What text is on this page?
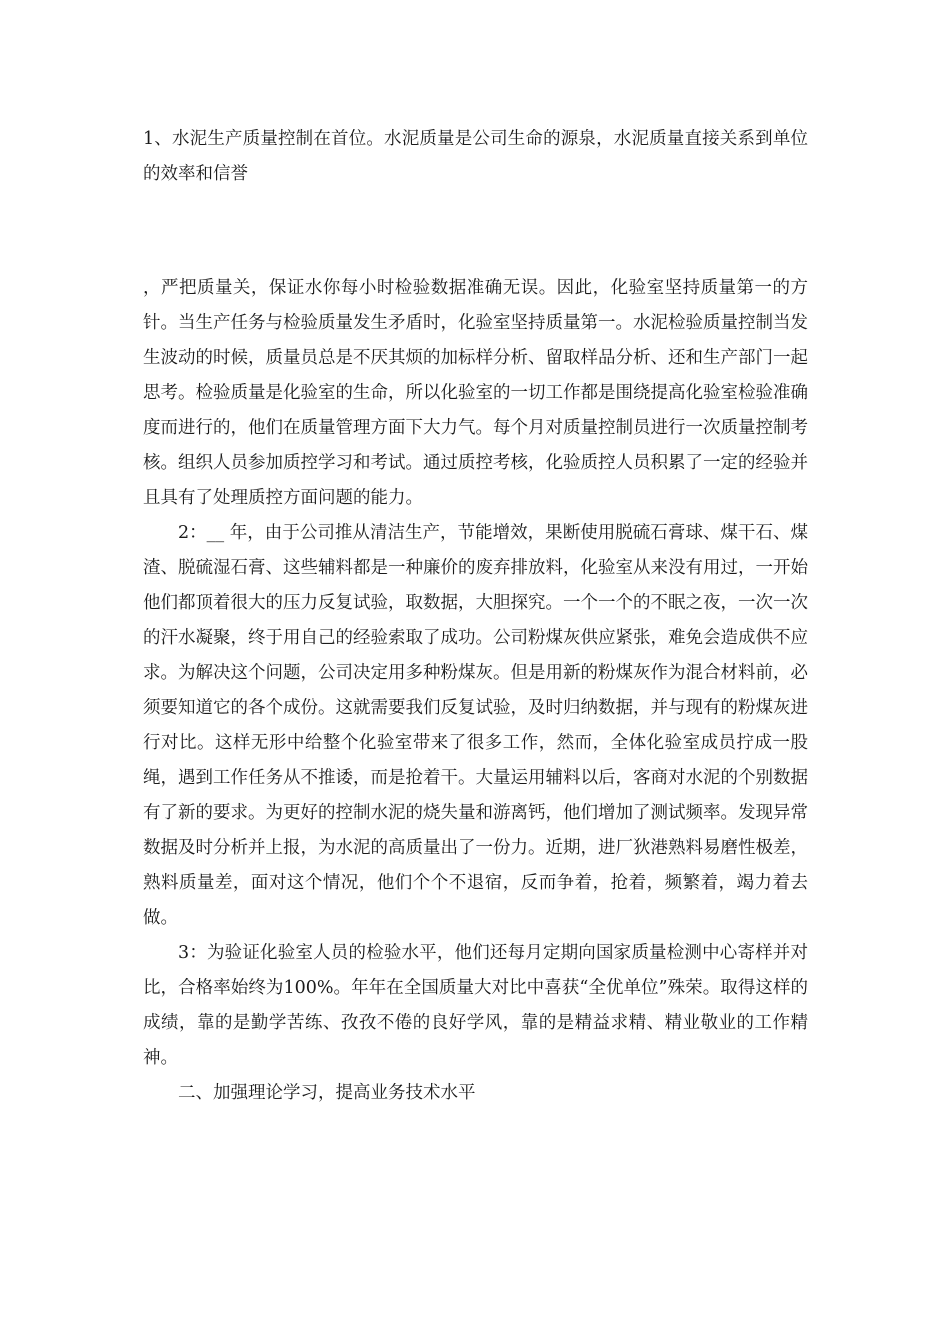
1、水泥生产质量控制在首位。水泥质量是公司生命的源泉，水泥质量直接关系到单位的效率和信誉

，严把质量关，保证水你每小时检验数据准确无误。因此，化验室坚持质量第一的方针。当生产任务与检验质量发生矛盾时，化验室坚持质量第一。水泥检验质量控制当发生波动的时候，质量员总是不厌其烦的加标样分析、留取样品分析、还和生产部门一起思考。检验质量是化验室的生命，所以化验室的一切工作都是围绕提高化验室检验准确度而进行的，他们在质量管理方面下大力气。每个月对质量控制员进行一次质量控制考核。组织人员参加质控学习和考试。通过质控考核，化验质控人员积累了一定的经验并且具有了处理质控方面问题的能力。

2：__ 年，由于公司推从清洁生产，节能增效，果断使用脱硫石膏球、煤干石、煤渣、脱硫湿石膏、这些辅料都是一种廉价的废弃排放料，化验室从来没有用过，一开始他们都顶着很大的压力反复试验，取数据，大胆探究。一个一个的不眠之夜，一次一次的汗水凝聚，终于用自己的经验索取了成功。公司粉煤灰供应紧张，难免会造成供不应求。为解决这个问题，公司决定用多种粉煤灰。但是用新的粉煤灰作为混合材料前，必须要知道它的各个成份。这就需要我们反复试验，及时归纳数据，并与现有的粉煤灰进行对比。这样无形中给整个化验室带来了很多工作，然而，全体化验室成员拧成一股绳，遇到工作任务从不推诿，而是抢着干。大量运用辅料以后，客商对水泥的个别数据有了新的要求。为更好的控制水泥的烧失量和游离钙，他们增加了测试频率。发现异常数据及时分析并上报，为水泥的高质量出了一份力。近期，进厂狄港熟料易磨性极差，熟料质量差，面对这个情况，他们个个不退宿，反而争着，抢着，频繁着，竭力着去做。

3：为验证化验室人员的检验水平，他们还每月定期向国家质量检测中心寄样并对比，合格率始终为100%。年年在全国质量大对比中喜获“全优单位”殊荣。取得这样的成绩，靠的是勤学苦练、孜孜不倦的良好学风，靠的是精益求精、精业敬业的工作精神。

二、加强理论学习，提高业务技术水平
